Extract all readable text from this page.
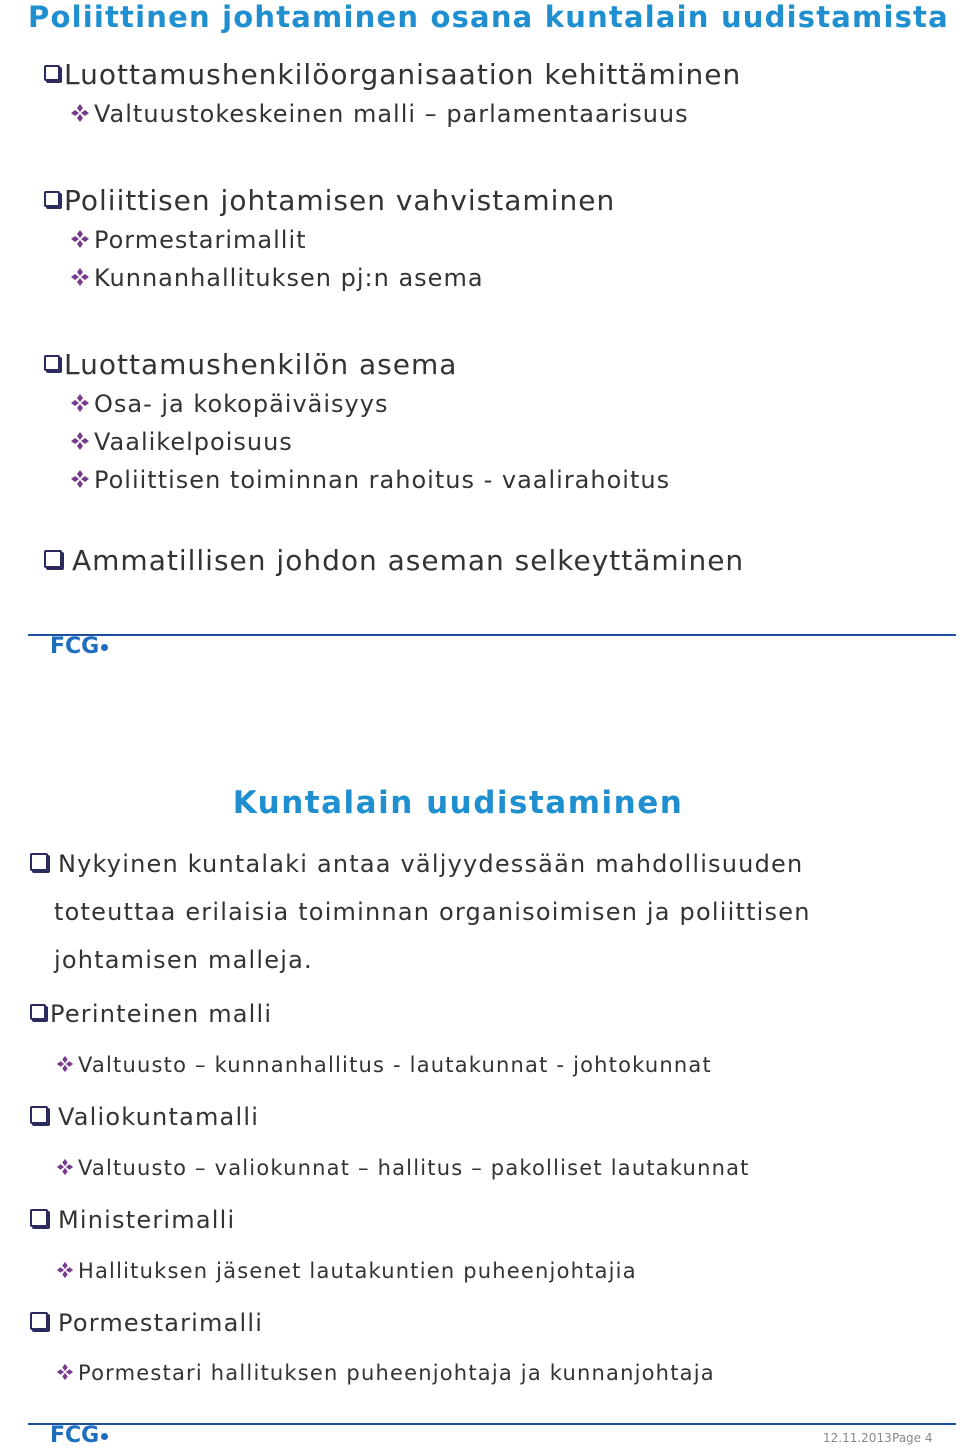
Poliittinen johtaminen osana kuntalain uudistamista
Luottamushenkilöorganisaation kehittäminen
Valtuustokeskeinen malli – parlamentaarisuus
Poliittisen johtamisen vahvistaminen
Pormestarimallit
Kunnanhallituksen pj:n asema
Luottamushenkilön asema
Osa- ja kokopäiväisyys
Vaalikelpoisuus
Poliittisen toiminnan rahoitus - vaalirahoitus
Ammatillisen johdon aseman selkeyttäminen
FCG
Kuntalain uudistaminen
Nykyinen kuntalaki antaa väljyydessään mahdollisuuden
toteuttaa erilaisia toiminnan organisoimisen ja poliittisen
johtamisen malleja.
Perinteinen malli
Valtuusto – kunnanhallitus - lautakunnat - johtokunnat
Valiokuntamalli
Valtuusto – valiokunnat – hallitus – pakolliset lautakunnat
Ministerimalli
Hallituksen jäsenet lautakuntien puheenjohtajia
Pormestarimalli
Pormestari hallituksen puheenjohtaja ja kunnanjohtaja
FCG	12.11.2013 Page 4
